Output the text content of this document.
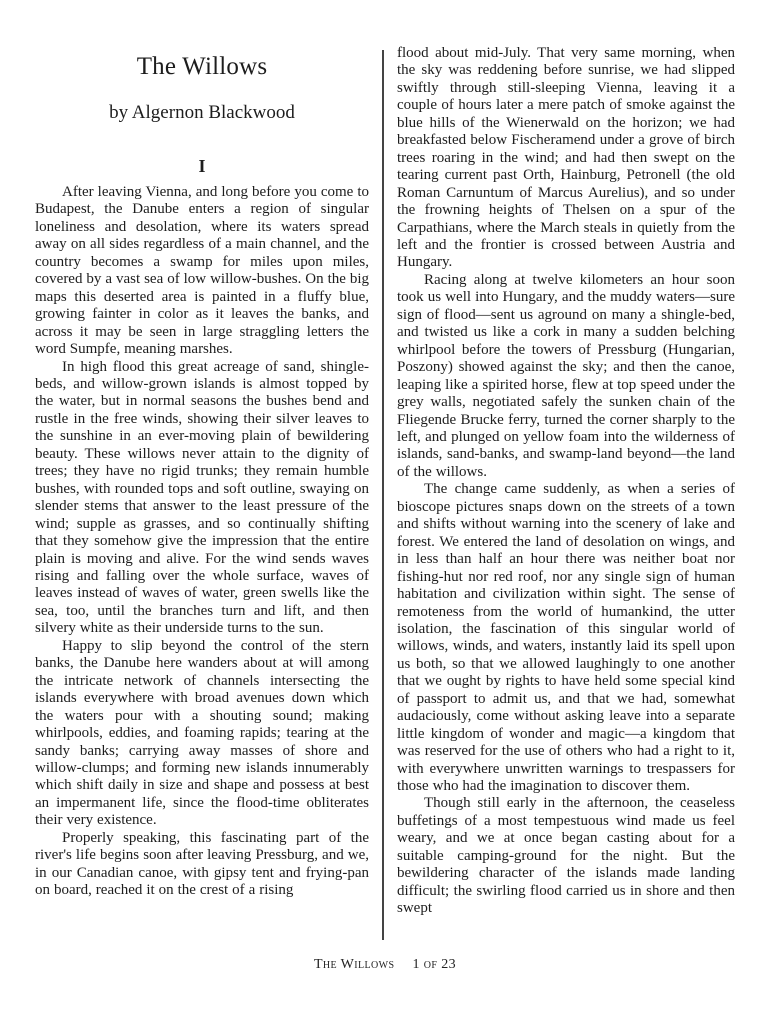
The Willows
by Algernon Blackwood
I

After leaving Vienna, and long before you come to Budapest, the Danube enters a region of singular loneliness and desolation, where its waters spread away on all sides regardless of a main channel, and the country becomes a swamp for miles upon miles, covered by a vast sea of low willow-bushes. On the big maps this deserted area is painted in a fluffy blue, growing fainter in color as it leaves the banks, and across it may be seen in large straggling letters the word Sumpfe, meaning marshes.

In high flood this great acreage of sand, shingle-beds, and willow-grown islands is almost topped by the water, but in normal seasons the bushes bend and rustle in the free winds, showing their silver leaves to the sunshine in an ever-moving plain of bewildering beauty. These willows never attain to the dignity of trees; they have no rigid trunks; they remain humble bushes, with rounded tops and soft outline, swaying on slender stems that answer to the least pressure of the wind; supple as grasses, and so continually shifting that they somehow give the impression that the entire plain is moving and alive. For the wind sends waves rising and falling over the whole surface, waves of leaves instead of waves of water, green swells like the sea, too, until the branches turn and lift, and then silvery white as their underside turns to the sun.

Happy to slip beyond the control of the stern banks, the Danube here wanders about at will among the intricate network of channels intersecting the islands everywhere with broad avenues down which the waters pour with a shouting sound; making whirlpools, eddies, and foaming rapids; tearing at the sandy banks; carrying away masses of shore and willow-clumps; and forming new islands innumerably which shift daily in size and shape and possess at best an impermanent life, since the flood-time obliterates their very existence.

Properly speaking, this fascinating part of the river's life begins soon after leaving Pressburg, and we, in our Canadian canoe, with gipsy tent and frying-pan on board, reached it on the crest of a rising

flood about mid-July. That very same morning, when the sky was reddening before sunrise, we had slipped swiftly through still-sleeping Vienna, leaving it a couple of hours later a mere patch of smoke against the blue hills of the Wienerwald on the horizon; we had breakfasted below Fischeramend under a grove of birch trees roaring in the wind; and had then swept on the tearing current past Orth, Hainburg, Petronell (the old Roman Carnuntum of Marcus Aurelius), and so under the frowning heights of Thelsen on a spur of the Carpathians, where the March steals in quietly from the left and the frontier is crossed between Austria and Hungary.

Racing along at twelve kilometers an hour soon took us well into Hungary, and the muddy waters—sure sign of flood—sent us aground on many a shingle-bed, and twisted us like a cork in many a sudden belching whirlpool before the towers of Pressburg (Hungarian, Poszony) showed against the sky; and then the canoe, leaping like a spirited horse, flew at top speed under the grey walls, negotiated safely the sunken chain of the Fliegende Brucke ferry, turned the corner sharply to the left, and plunged on yellow foam into the wilderness of islands, sand-banks, and swamp-land beyond—the land of the willows.

The change came suddenly, as when a series of bioscope pictures snaps down on the streets of a town and shifts without warning into the scenery of lake and forest. We entered the land of desolation on wings, and in less than half an hour there was neither boat nor fishing-hut nor red roof, nor any single sign of human habitation and civilization within sight. The sense of remoteness from the world of humankind, the utter isolation, the fascination of this singular world of willows, winds, and waters, instantly laid its spell upon us both, so that we allowed laughingly to one another that we ought by rights to have held some special kind of passport to admit us, and that we had, somewhat audaciously, come without asking leave into a separate little kingdom of wonder and magic—a kingdom that was reserved for the use of others who had a right to it, with everywhere unwritten warnings to trespassers for those who had the imagination to discover them.

Though still early in the afternoon, the ceaseless buffetings of a most tempestuous wind made us feel weary, and we at once began casting about for a suitable camping-ground for the night. But the bewildering character of the islands made landing difficult; the swirling flood carried us in shore and then swept

The Willows 1 of 23
